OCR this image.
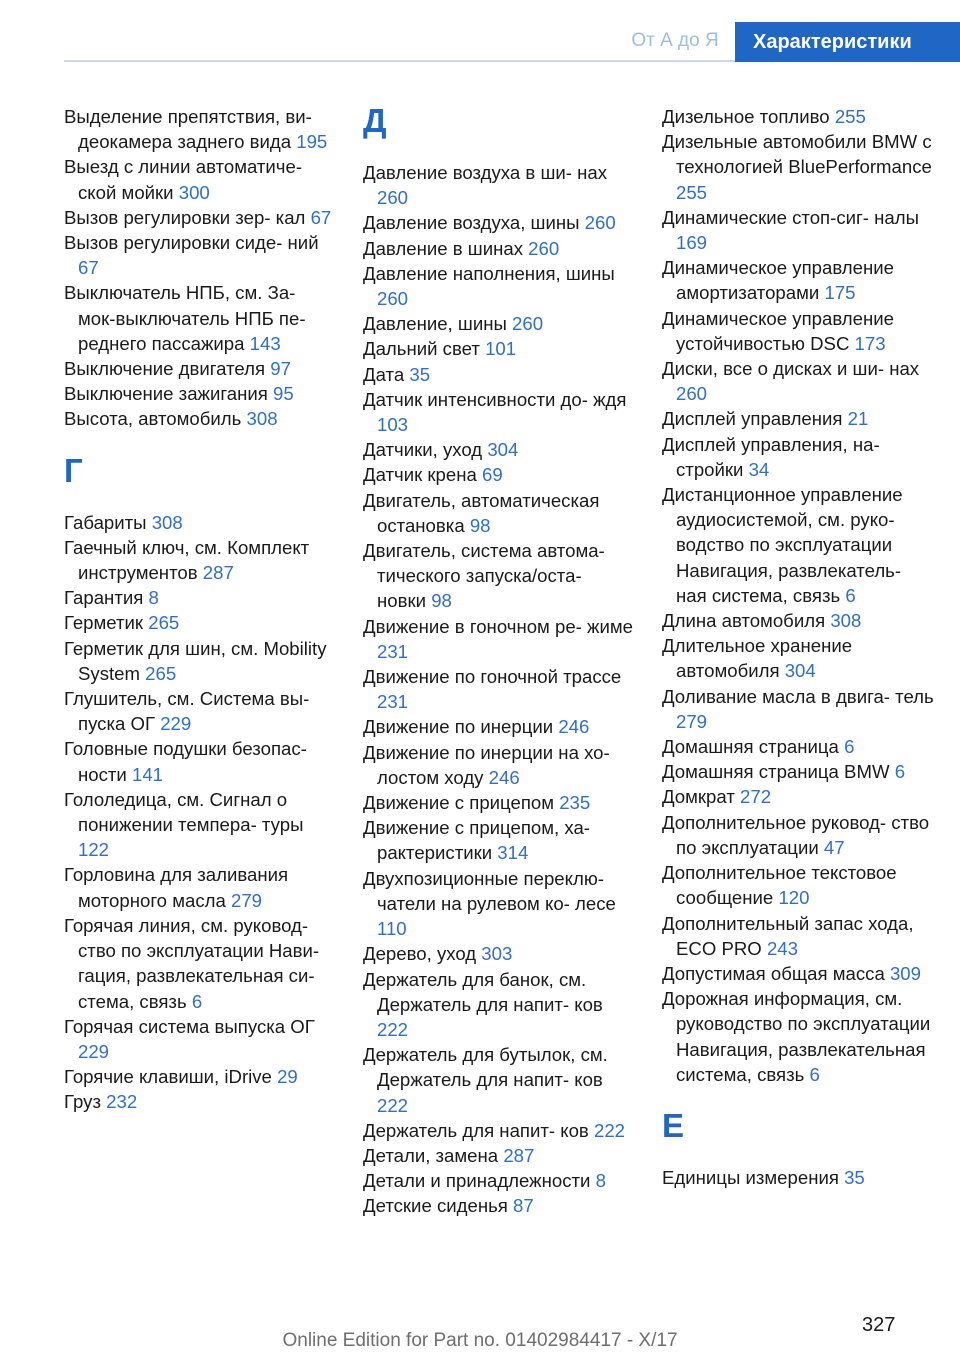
От А до Я	Характеристики
Выделение препятствия, ви‐ деокамера заднего вида 195
Выезд с линии автоматиче‐ ской мойки 300
Вызов регулировки зер‐ кал 67
Вызов регулировки сиде‐ ний 67
Выключатель НПБ, см. За‐ мок-выключатель НПБ пе‐ реднего пассажира 143
Выключение двигателя 97
Выключение зажигания 95
Высота, автомобиль 308
Г
Габариты 308
Гаечный ключ, см. Комплект инструментов 287
Гарантия 8
Герметик 265
Герметик для шин, см. Mobility System 265
Глушитель, см. Система вы‐ пуска ОГ 229
Головные подушки безопас‐ ности 141
Гололедица, см. Сигнал о понижении темпера‐ туры 122
Горловина для заливания моторного масла 279
Горячая линия, см. руковод‐ ство по эксплуатации Нави‐ гация, развлекательная си‐ стема, связь 6
Горячая система выпуска ОГ 229
Горячие клавиши, iDrive 29
Груз 232
Д
Давление воздуха в ши‐ нах 260
Давление воздуха, шины 260
Давление в шинах 260
Давление наполнения, шины 260
Давление, шины 260
Дальний свет 101
Дата 35
Датчик интенсивности до‐ ждя 103
Датчики, уход 304
Датчик крена 69
Двигатель, автоматическая остановка 98
Двигатель, система автома‐ тического запуска/оста‐ новки 98
Движение в гоночном ре‐ жиме 231
Движение по гоночной трассе 231
Движение по инерции 246
Движение по инерции на хо‐ лостом ходу 246
Движение с прицепом 235
Движение с прицепом, ха‐ рактеристики 314
Двухпозиционные переклю‐ чатели на рулевом ко‐ лесе 110
Дерево, уход 303
Держатель для банок, см. Держатель для напит‐ ков 222
Держатель для бутылок, см. Держатель для напит‐ ков 222
Держатель для напит‐ ков 222
Детали, замена 287
Детали и принадлежности 8
Детские сиденья 87
Дизельное топливо 255
Дизельные автомобили BMW с технологией BluePerformance 255
Динамические стоп-сиг‐ налы 169
Динамическое управление амортизаторами 175
Динамическое управление устойчивостью DSC 173
Диски, все о дисках и ши‐ нах 260
Дисплей управления 21
Дисплей управления, на‐ стройки 34
Дистанционное управление аудиосистемой, см. руко‐ водство по эксплуатации Навигация, развлекатель‐ ная система, связь 6
Длина автомобиля 308
Длительное хранение автомобиля 304
Доливание масла в двига‐ тель 279
Домашняя страница 6
Домашняя страница BMW 6
Домкрат 272
Дополнительное руковод‐ ство по эксплуатации 47
Дополнительное текстовое сообщение 120
Дополнительный запас хода, ECO PRO 243
Допустимая общая масса 309
Дорожная информация, см. руководство по эксплуатации Навигация, развлекательная система, связь 6
Е
Единицы измерения 35
327
Online Edition for Part no. 01402984417 - X/17
